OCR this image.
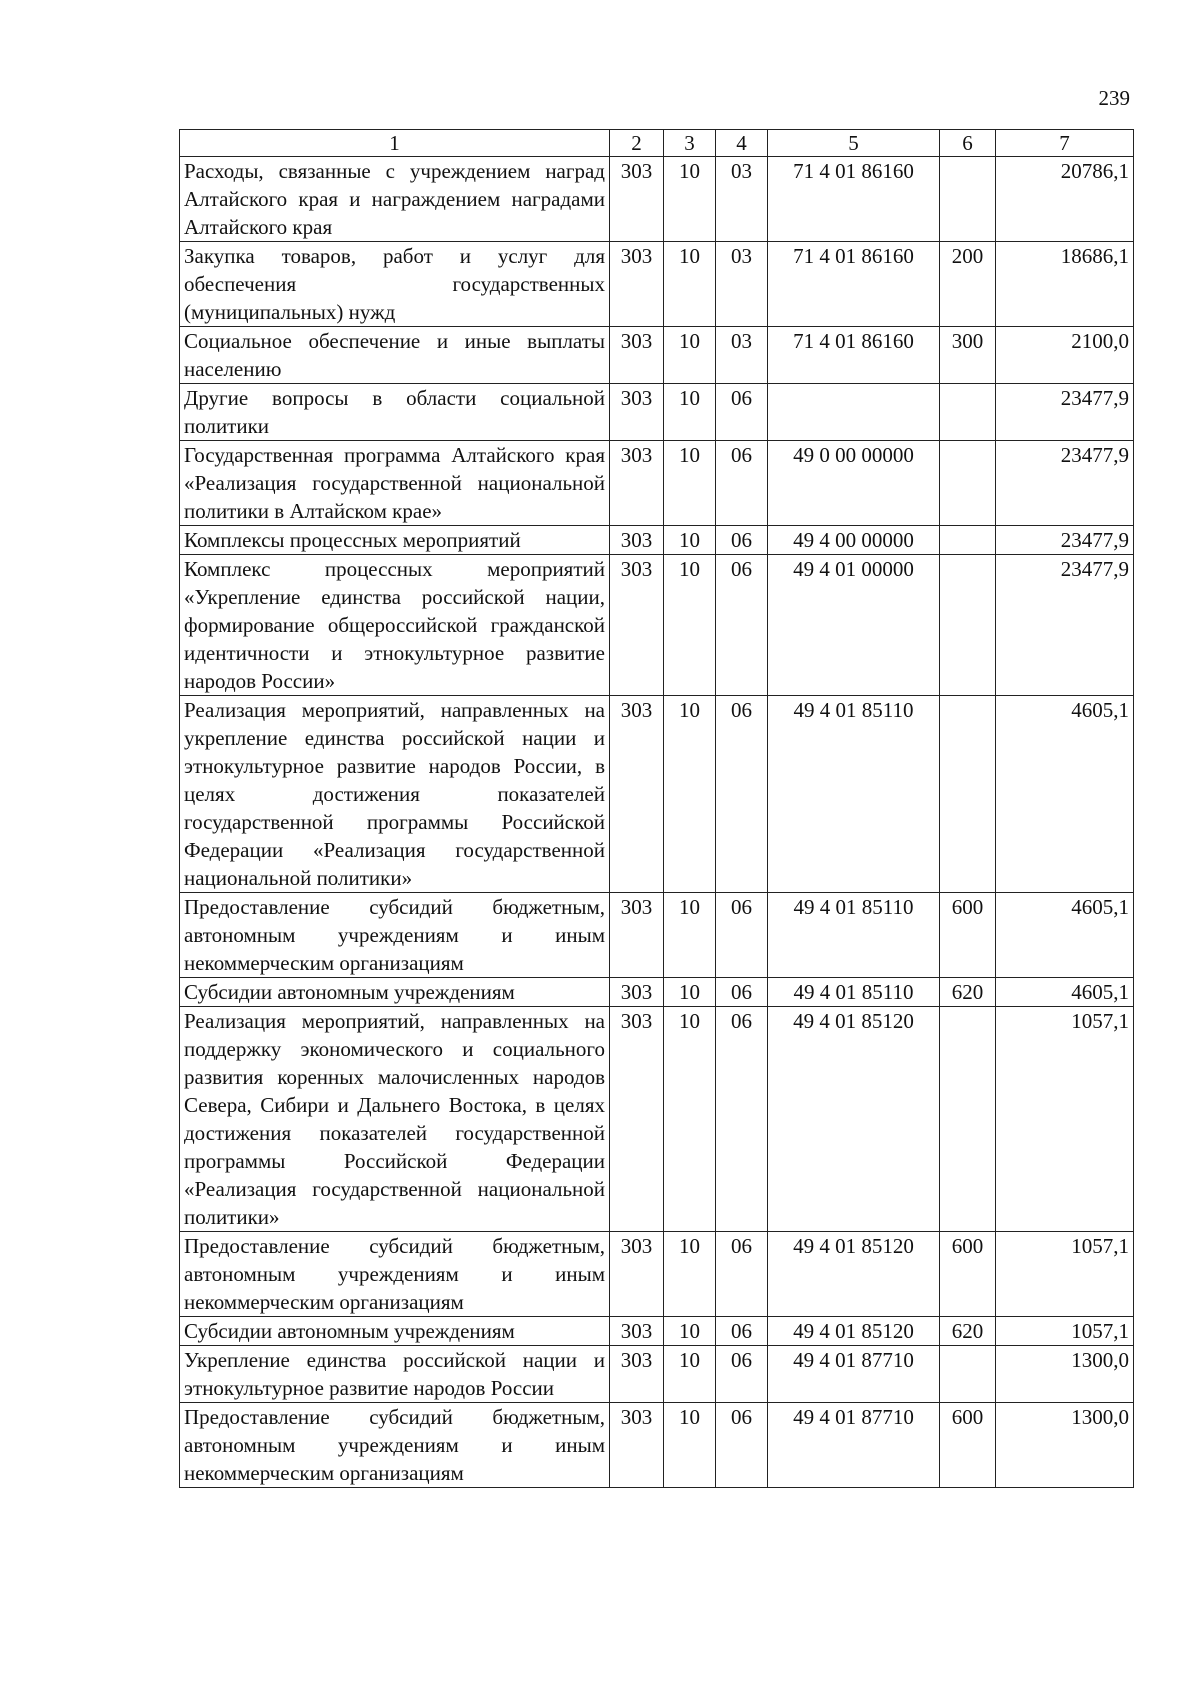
239
1	2	3	4	5	6	7
Расходы, связанные с учреждением наград Алтайского края и награждением наградами Алтайского края	303	10	03	71 4 01 86160		20786,1
Закупка товаров, работ и услуг для обеспечения государственных (муниципальных) нужд	303	10	03	71 4 01 86160	200	18686,1
Социальное обеспечение и иные выплаты населению	303	10	03	71 4 01 86160	300	2100,0
Другие вопросы в области социальной политики	303	10	06			23477,9
Государственная программа Алтайского края «Реализация государственной национальной политики в Алтайском крае»	303	10	06	49 0 00 00000		23477,9
Комплексы процессных мероприятий	303	10	06	49 4 00 00000		23477,9
Комплекс процессных мероприятий «Укрепление единства российской нации, формирование общероссийской гражданской идентичности и этнокультурное развитие народов России»	303	10	06	49 4 01 00000		23477,9
Реализация мероприятий, направленных на укрепление единства российской нации и этнокультурное развитие народов России, в целях достижения показателей государственной программы Российской Федерации «Реализация государственной национальной политики»	303	10	06	49 4 01 85110		4605,1
Предоставление субсидий бюджетным, автономным учреждениям и иным некоммерческим организациям	303	10	06	49 4 01 85110	600	4605,1
Субсидии автономным учреждениям	303	10	06	49 4 01 85110	620	4605,1
Реализация мероприятий, направленных на поддержку экономического и социального развития коренных малочисленных народов Севера, Сибири и Дальнего Востока, в целях достижения показателей государственной программы Российской Федерации «Реализация государственной национальной политики»	303	10	06	49 4 01 85120		1057,1
Предоставление субсидий бюджетным, автономным учреждениям и иным некоммерческим организациям	303	10	06	49 4 01 85120	600	1057,1
Субсидии автономным учреждениям	303	10	06	49 4 01 85120	620	1057,1
Укрепление единства российской нации и этнокультурное развитие народов России	303	10	06	49 4 01 87710		1300,0
Предоставление субсидий бюджетным, автономным учреждениям и иным некоммерческим организациям	303	10	06	49 4 01 87710	600	1300,0
